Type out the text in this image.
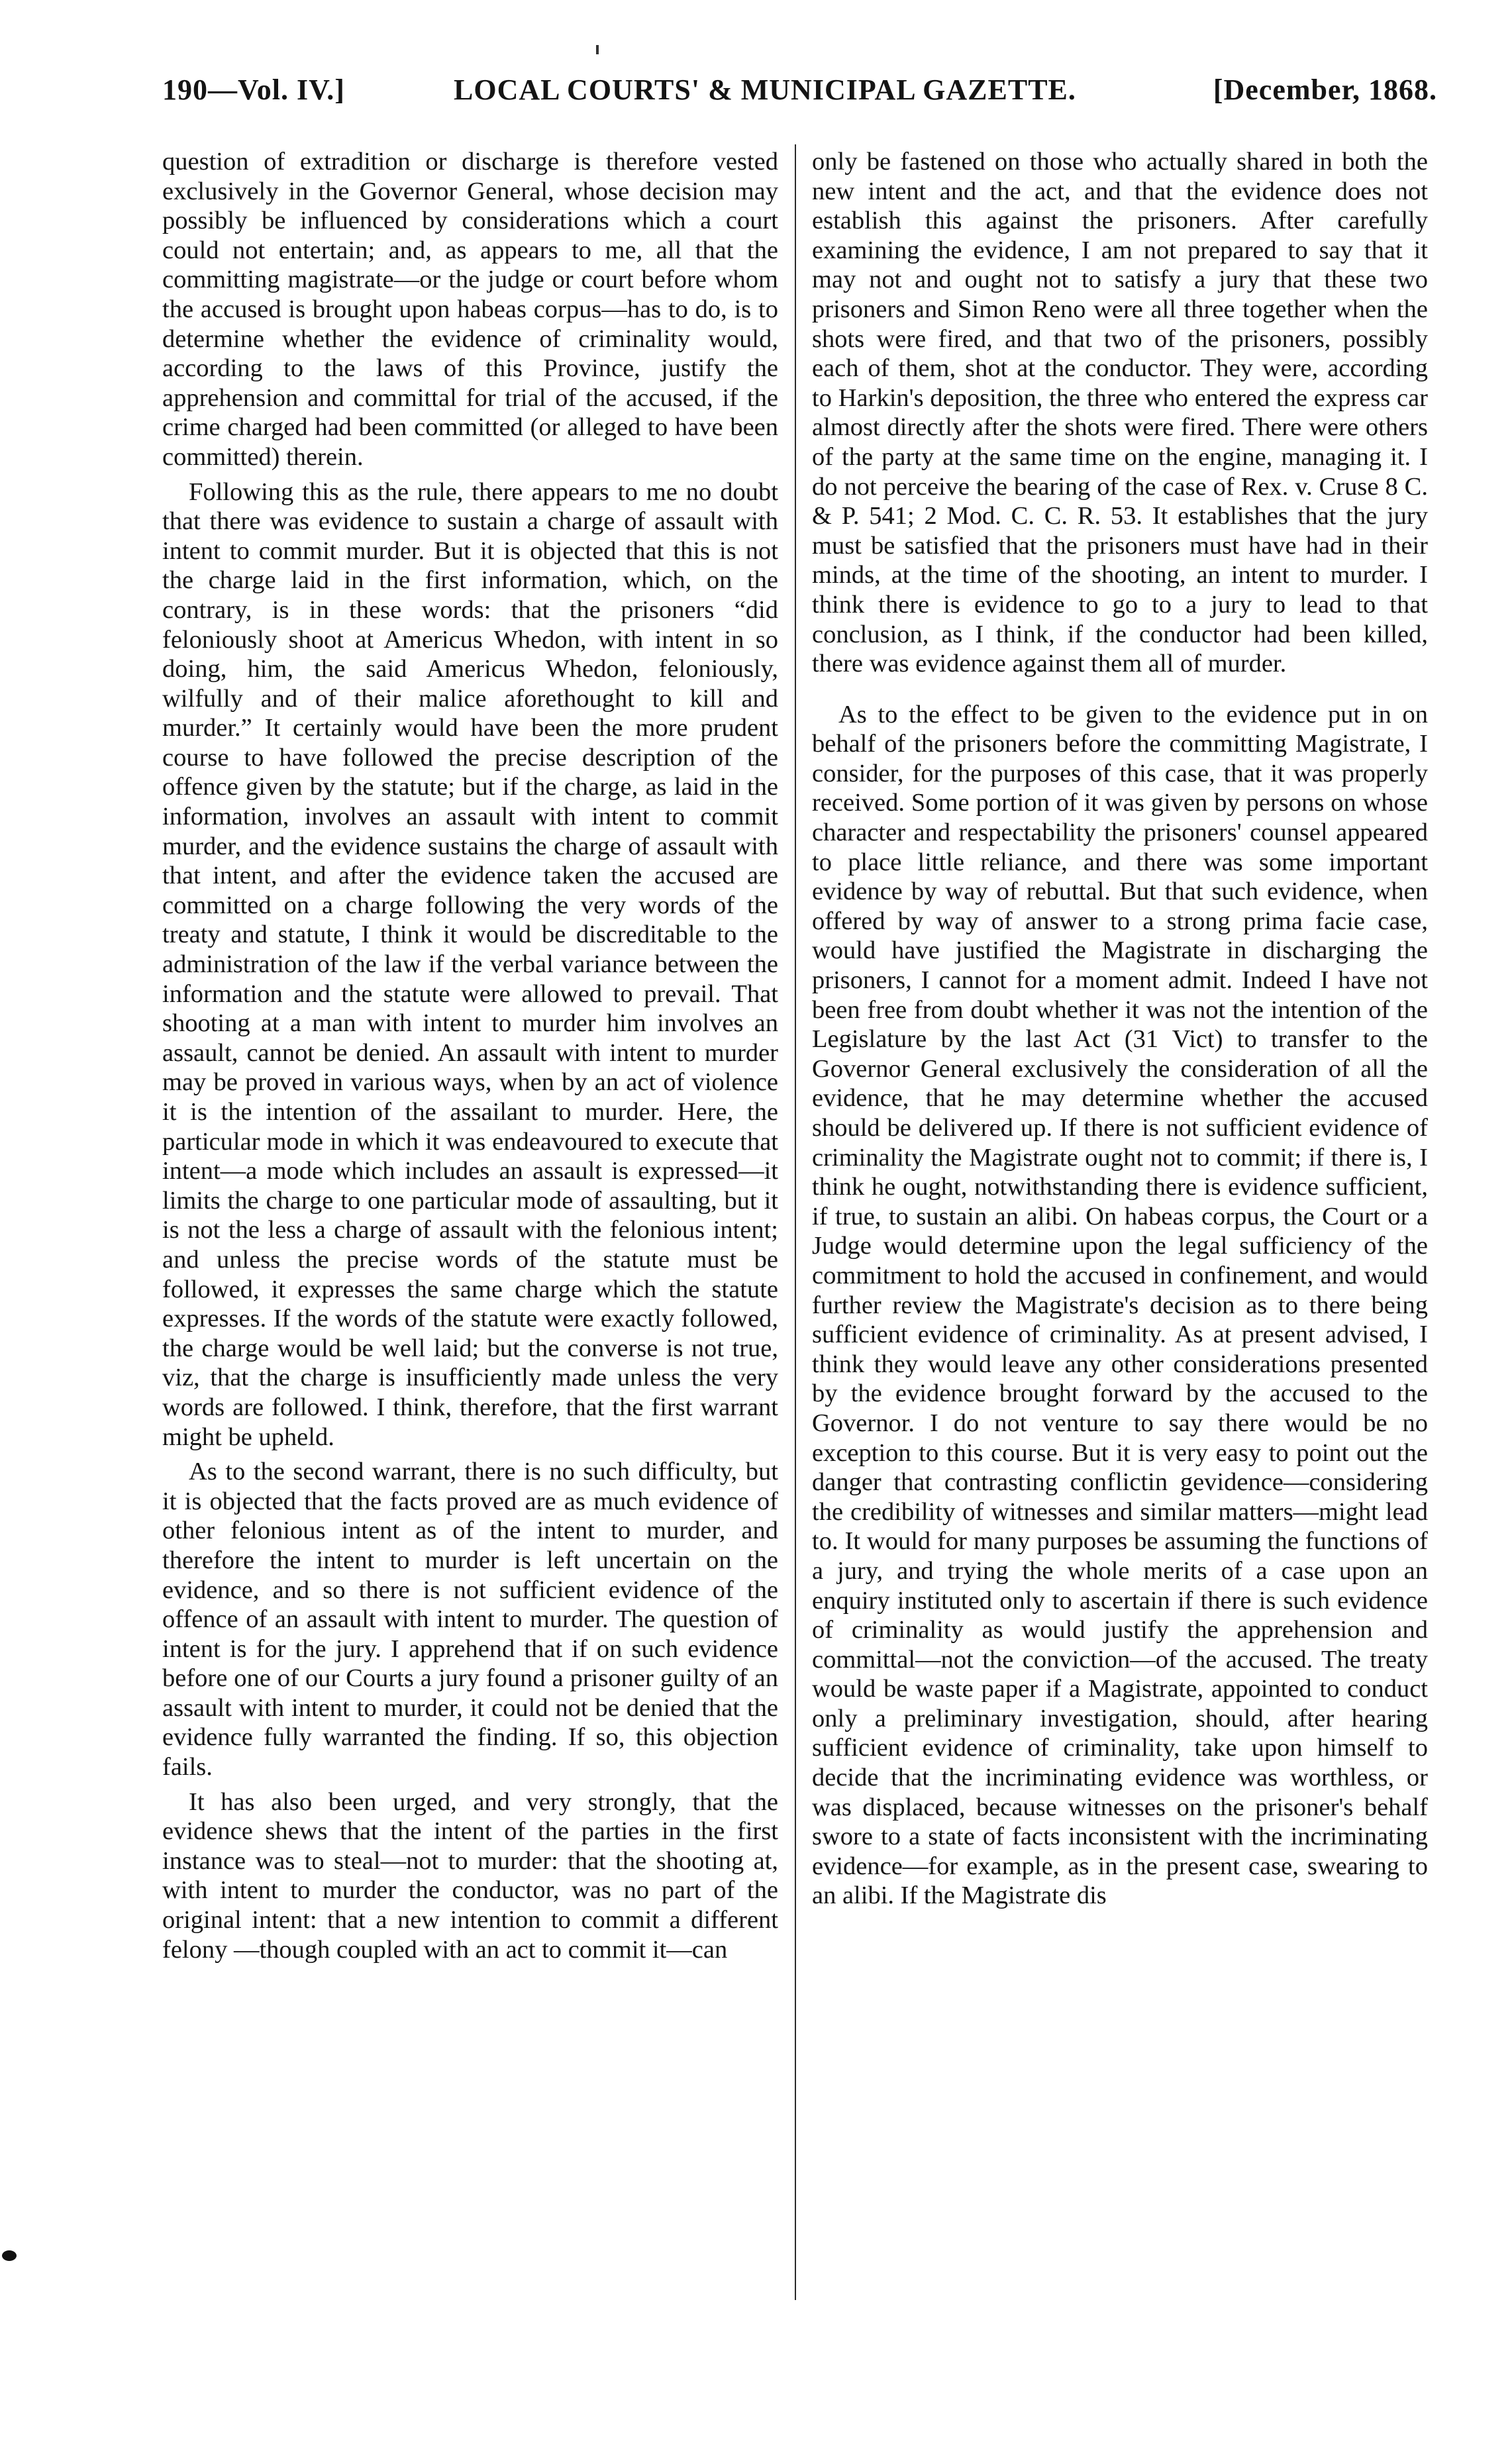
190—Vol. IV.]	LOCAL COURTS' & MUNICIPAL GAZETTE.	[December, 1868.

question of extradition or discharge is therefore vested exclusively in the Governor General, whose decision may possibly be influenced by considerations which a court could not entertain; and, as appears to me, all that the committing magistrate—or the judge or court before whom the accused is brought upon habeas corpus—has to do, is to determine whether the evidence of criminality would, according to the laws of this Province, justify the apprehension and committal for trial of the accused, if the crime charged had been committed (or alleged to have been committed) therein.

Following this as the rule, there appears to me no doubt that there was evidence to sustain a charge of assault with intent to commit murder. But it is objected that this is not the charge laid in the first information, which, on the contrary, is in these words: that the prisoners “did feloniously shoot at Americus Whedon, with intent in so doing, him, the said Americus Whedon, feloniously, wilfully and of their malice aforethought to kill and murder.” It certainly would have been the more prudent course to have followed the precise description of the offence given by the statute; but if the charge, as laid in the information, involves an assault with intent to commit murder, and the evidence sustains the charge of assault with that intent, and after the evidence taken the accused are committed on a charge following the very words of the treaty and statute, I think it would be discreditable to the administration of the law if the verbal variance between the information and the statute were allowed to prevail. That shooting at a man with intent to murder him involves an assault, cannot be denied. An assault with intent to murder may be proved in various ways, when by an act of violence it is the intention of the assailant to murder. Here, the particular mode in which it was endeavoured to execute that intent—a mode which includes an assault is expressed—it limits the charge to one particular mode of assaulting, but it is not the less a charge of assault with the felonious intent; and unless the precise words of the statute must be followed, it expresses the same charge which the statute expresses. If the words of the statute were exactly followed, the charge would be well laid; but the converse is not true, viz, that the charge is insufficiently made unless the very words are followed. I think, therefore, that the first warrant might be upheld.

As to the second warrant, there is no such difficulty, but it is objected that the facts proved are as much evidence of other felonious intent as of the intent to murder, and therefore the intent to murder is left uncertain on the evidence, and so there is not sufficient evidence of the offence of an assault with intent to murder. The question of intent is for the jury. I apprehend that if on such evidence before one of our Courts a jury found a prisoner guilty of an assault with intent to murder, it could not be denied that the evidence fully warranted the finding. If so, this objection fails.

It has also been urged, and very strongly, that the evidence shews that the intent of the parties in the first instance was to steal—not to murder: that the shooting at, with intent to murder the conductor, was no part of the original intent: that a new intention to commit a different felony —though coupled with an act to commit it—can

only be fastened on those who actually shared in both the new intent and the act, and that the evidence does not establish this against the prisoners. After carefully examining the evidence, I am not prepared to say that it may not and ought not to satisfy a jury that these two prisoners and Simon Reno were all three together when the shots were fired, and that two of the prisoners, possibly each of them, shot at the conductor. They were, according to Harkin's deposition, the three who entered the express car almost directly after the shots were fired. There were others of the party at the same time on the engine, managing it. I do not perceive the bearing of the case of Rex. v. Cruse 8 C. & P. 541; 2 Mod. C. C. R. 53. It establishes that the jury must be satisfied that the prisoners must have had in their minds, at the time of the shooting, an intent to murder. I think there is evidence to go to a jury to lead to that conclusion, as I think, if the conductor had been killed, there was evidence against them all of murder.

As to the effect to be given to the evidence put in on behalf of the prisoners before the committing Magistrate, I consider, for the purposes of this case, that it was properly received. Some portion of it was given by persons on whose character and respectability the prisoners' counsel appeared to place little reliance, and there was some important evidence by way of rebuttal. But that such evidence, when offered by way of answer to a strong prima facie case, would have justified the Magistrate in discharging the prisoners, I cannot for a moment admit. Indeed I have not been free from doubt whether it was not the intention of the Legislature by the last Act (31 Vict) to transfer to the Governor General exclusively the consideration of all the evidence, that he may determine whether the accused should be delivered up. If there is not sufficient evidence of criminality the Magistrate ought not to commit; if there is, I think he ought, notwithstanding there is evidence sufficient, if true, to sustain an alibi. On habeas corpus, the Court or a Judge would determine upon the legal sufficiency of the commitment to hold the accused in confinement, and would further review the Magistrate's decision as to there being sufficient evidence of criminality. As at present advised, I think they would leave any other considerations presented by the evidence brought forward by the accused to the Governor. I do not venture to say there would be no exception to this course. But it is very easy to point out the danger that contrasting conflictin gevidence—considering the credibility of witnesses and similar matters—might lead to. It would for many purposes be assuming the functions of a jury, and trying the whole merits of a case upon an enquiry instituted only to ascertain if there is such evidence of criminality as would justify the apprehension and committal—not the conviction—of the accused. The treaty would be waste paper if a Magistrate, appointed to conduct only a preliminary investigation, should, after hearing sufficient evidence of criminality, take upon himself to decide that the incriminating evidence was worthless, or was displaced, because witnesses on the prisoner's behalf swore to a state of facts inconsistent with the incriminating evidence—for example, as in the present case, swearing to an alibi. If the Magistrate dis
